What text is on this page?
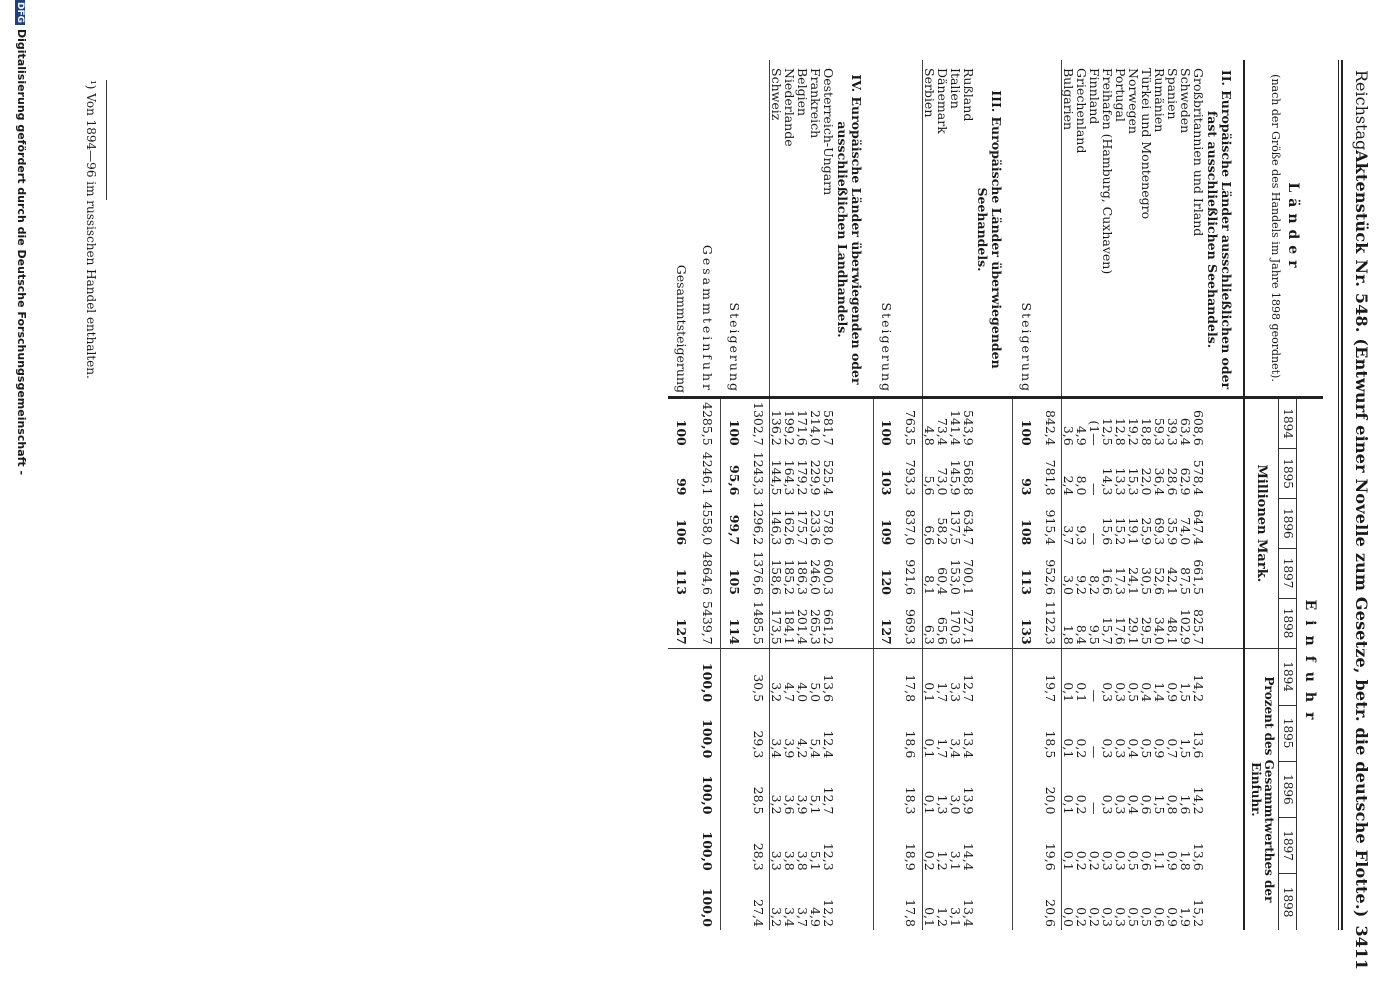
Reichstag.
Aktenstück Nr. 548. (Entwurf einer Novelle zum Gesetze, betr. die deutsche Flotte.)
3411
Länder
(nach der Größe des Handels im Jahre 1898 geordnet).	Einfuhr									
	1894	1895	1896	1897	1898	1894	1895	1896	1897	1898
	Millionen Mark.					Prozent des Gesammtwerthes der Einfuhr.				
II. Europäische Länder ausschließlichen oder fast ausschließlichen Seehandels.										
Großbritannien und Irland	608,6	578,4	647,4	661,5	825,7	14,2	13,6	14,2	13,6	15,2
Schweden	63,4	62,9	74,0	87,5	102,9	1,5	1,5	1,6	1,8	1,9
Spanien	39,3	28,6	35,9	42,1	48,1	0,9	0,7	0,8	0,9	0,9
Rumänien	59,3	36,4	69,3	52,6	34,0	1,4	0,9	1,5	1,1	0,6
Türkei und Montenegro	18,8	22,0	25,9	30,5	29,5	0,4	0,5	0,6	0,6	0,5
Norwegen	19,2	15,3	19,1	24,1	29,1	0,5	0,4	0,4	0,5	0,5
Portugal	12,8	13,3	15,2	17,3	17,6	0,3	0,3	0,3	0,3	0,3
Freihafen (Hamburg, Cuxhaven)	12,5	14,3	15,6	16,6	15,7	0,3	0,3	0,3	0,3	0,3
Finnland	(1—	—	—	8,2	9,5	—	—	—	0,2	0,2
Griechenland	4,9	8,0	9,3	9,2	8,4	0,1	0,2	0,2	0,2	0,2
Bulgarien	3,6	2,4	3,7	3,0	1,8	0,1	0,1	0,1	0,1	0,0
	842,4	781,8	915,4	952,6	1122,3	19,7	18,5	20,0	19,6	20,6
Steigerung	100	93	108	113	133					
III. Europäische Länder überwiegenden Seehandels.										
Rußland	543,9	568,8	634,7	700,1	727,1	12,7	13,4	13,9	14,4	13,4
Italien	141,4	145,9	137,5	153,0	170,3	3,3	3,4	3,0	3,1	3,1
Dänemark	73,4	73,0	58,2	60,4	65,6	1,7	1,7	1,3	1,2	1,2
Serbien	4,8	5,6	6,6	8,1	6,3	0,1	0,1	0,1	0,2	0,1
	763,5	793,3	837,0	921,6	969,3	17,8	18,6	18,3	18,9	17,8
Steigerung	100	103	109	120	127					
IV. Europäische Länder überwiegenden oder ausschließlichen Landhandels.										
Oesterreich-Ungarn	581,7	525,4	578,0	600,3	661,2	13,6	12,4	12,7	12,3	12,2
Frankreich	214,0	229,9	233,6	246,0	265,3	5,0	5,4	5,1	5,1	4,9
Belgien	171,6	179,2	175,7	186,3	201,4	4,0	4,2	3,9	3,8	3,7
Niederlande	199,2	164,3	162,6	185,2	184,1	4,7	3,9	3,6	3,8	3,4
Schweiz	136,2	144,5	146,3	158,6	173,5	3,2	3,4	3,2	3,3	3,2
	1302,7	1243,3	1296,2	1376,6	1485,5	30,5	29,3	28,5	28,3	27,4
Steigerung	100	95,6	99,7	105	114					
Gesammteinfuhr	4285,5	4246,1	4558,0	4864,6	5439,7	100,0	100,0	100,0	100,0	100,0
Gesammtsteigerung	100	99	106	113	127					
¹) Von 1894—96 im russischen Handel enthalten.
DFGDigitalisierung gefördert durch die Deutsche Forschungsgemeinschaft -
